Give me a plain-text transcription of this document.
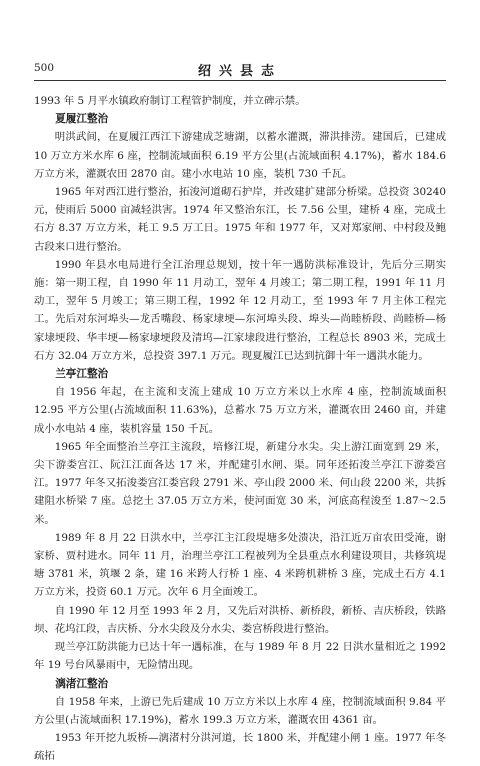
500	绍兴县志

1993 年 5 月平水镇政府制订工程管护制度，并立碑示禁。

夏履江整治

明洪武间，在夏履江西江下游建成芝塘湖，以蓄水灌溉，滞洪排涝。建国后，已建成 10 万立方米水库 6 座，控制流域面积 6.19 平方公里(占流域面积 4.17%)，蓄水 184.6 万立方米，灌溉农田 2870 亩。建小水电站 10 座，装机 730 千瓦。

1965 年对西江进行整治，拓浚河道砌石护岸，并改建扩建部分桥梁。总投资 30240 元，使雨后 5000 亩减轻洪害。1974 年又整治东江，长 7.56 公里，建桥 4 座，完成土石方 8.37 万立方米，耗工 9.5 万工日。1975 年和 1977 年，又对郑家闸、中村段及鲍古段来口进行整治。

1990 年县水电局进行全江治理总规划，按十年一遇防洪标准设计，先后分三期实施：第一期工程，自 1990 年 11 月动工，翌年 4 月竣工；第二期工程，1991 年 11 月动工，翌年 5 月竣工；第三期工程，1992 年 12 月动工，至 1993 年 7 月主体工程完工。先后对东河埠头—龙舌嘴段、杨家埭埂—东河埠头段、埠头—尚睦桥段、尚睦桥—杨家埭埂段、华丰埂—杨家埭埂段及清坞—江家埭段进行整治，工程总长 8903 米，完成土石方 32.04 万立方米，总投资 397.1 万元。现夏履江已达到抗御十年一遇洪水能力。

兰亭江整治

自 1956 年起，在主流和支流上建成 10 万立方米以上水库 4 座，控制流域面积 12.95 平方公里(占流域面积 11.63%)，总蓄水 75 万立方米，灌溉农田 2460 亩，并建成小水电站 4 座，装机容量 150 千瓦。

1965 年全面整治兰亭江主流段，培修江堤，新建分水尖。尖上游江面宽到 29 米，尖下游娄宫江、阮江江面各达 17 米，并配建引水闸、渠。同年还拓浚兰亭江下游娄宫江。1977 年冬又拓浚娄宫江娄宫段 2791 米、亭山段 2000 米、何山段 2200 米，共拆建阻水桥梁 7 座。总挖土 37.05 万立方米，使河面宽 30 米，河底高程浚至 1.87～2.5 米。

1989 年 8 月 22 日洪水中，兰亭江主江段堤塘多处溃决，沿江近万亩农田受淹，谢家桥、贾村进水。同年 11 月，治理兰亭江工程被列为全县重点水利建设项目，共修筑堤塘 3781 米，筑堰 2 条，建 16 米跨人行桥 1 座、4 米跨机耕桥 3 座，完成土石方 4.1 万立方米，投资 60.1 万元。次年 6 月全面竣工。

自 1990 年 12 月至 1993 年 2 月，又先后对洪桥、新桥段，新桥、吉庆桥段，铁路坝、花坞江段，吉庆桥、分水尖段及分水尖、娄宫桥段进行整治。

现兰亭江防洪能力已达十年一遇标准，在与 1989 年 8 月 22 日洪水量相近之 1992 年 19 号台风暴雨中，无险情出现。

漓渚江整治

自 1958 年来，上游已先后建成 10 万立方米以上水库 4 座，控制流域面积 9.84 平方公里(占流域面积 17.19%)，蓄水 199.3 万立方米，灌溉农田 4361 亩。

1953 年开挖九坂桥—漓渚村分洪河道，长 1800 米，并配建小闸 1 座。1977 年冬疏拓
